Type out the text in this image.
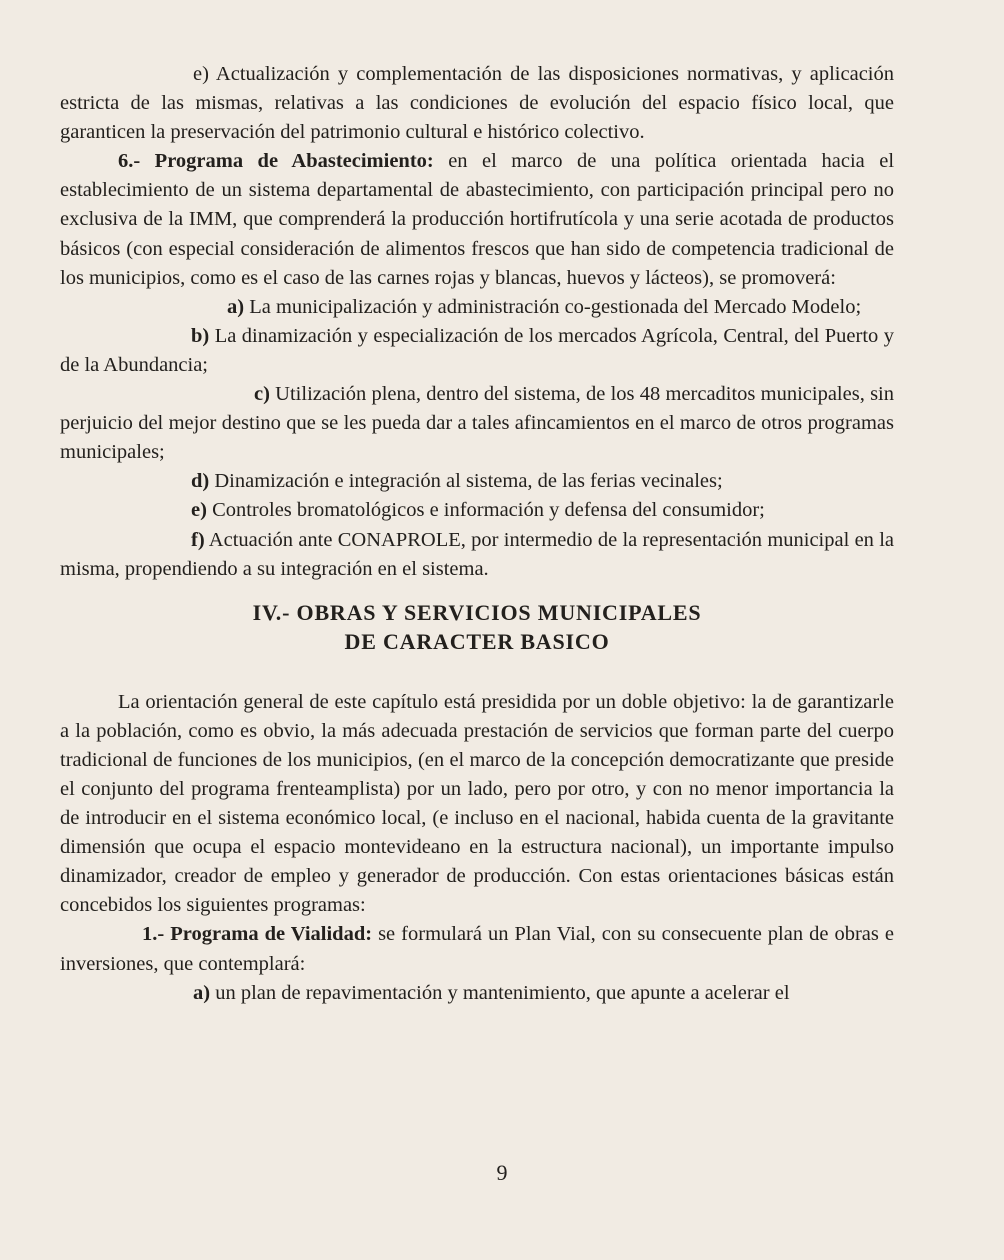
e) Actualización y complementación de las disposiciones normativas, y aplicación estricta de las mismas, relativas a las condiciones de evolución del espacio físico local, que garanticen la preservación del patrimonio cultural e histórico colectivo.

6.- Programa de Abastecimiento: en el marco de una política orientada hacia el establecimiento de un sistema departamental de abastecimiento, con participación principal pero no exclusiva de la IMM, que comprenderá la producción hortifrutícola y una serie acotada de productos básicos (con especial consideración de alimentos frescos que han sido de competencia tradicional de los municipios, como es el caso de las carnes rojas y blancas, huevos y lácteos), se promoverá:

a) La municipalización y administración co-gestionada del Mercado Modelo;

b) La dinamización y especialización de los mercados Agrícola, Central, del Puerto y de la Abundancia;

c) Utilización plena, dentro del sistema, de los 48 mercaditos municipales, sin perjuicio del mejor destino que se les pueda dar a tales afincamientos en el marco de otros programas municipales;

d) Dinamización e integración al sistema, de las ferias vecinales;

e) Controles bromatológicos e información y defensa del consumidor;

f) Actuación ante CONAPROLE, por intermedio de la representación municipal en la misma, propendiendo a su integración en el sistema.

IV.- OBRAS Y SERVICIOS MUNICIPALES
DE CARACTER BASICO

La orientación general de este capítulo está presidida por un doble objetivo: la de garantizarle a la población, como es obvio, la más adecuada prestación de servicios que forman parte del cuerpo tradicional de funciones de los municipios, (en el marco de la concepción democratizante que preside el conjunto del programa frenteamplista) por un lado, pero por otro, y con no menor importancia la de introducir en el sistema económico local, (e incluso en el nacional, habida cuenta de la gravitante dimensión que ocupa el espacio montevideano en la estructura nacional), un importante impulso dinamizador, creador de empleo y generador de producción. Con estas orientaciones básicas están concebidos los siguientes programas:

1.- Programa de Vialidad: se formulará un Plan Vial, con su consecuente plan de obras e inversiones, que contemplará:

a) un plan de repavimentación y mantenimiento, que apunte a acelerar el

9
